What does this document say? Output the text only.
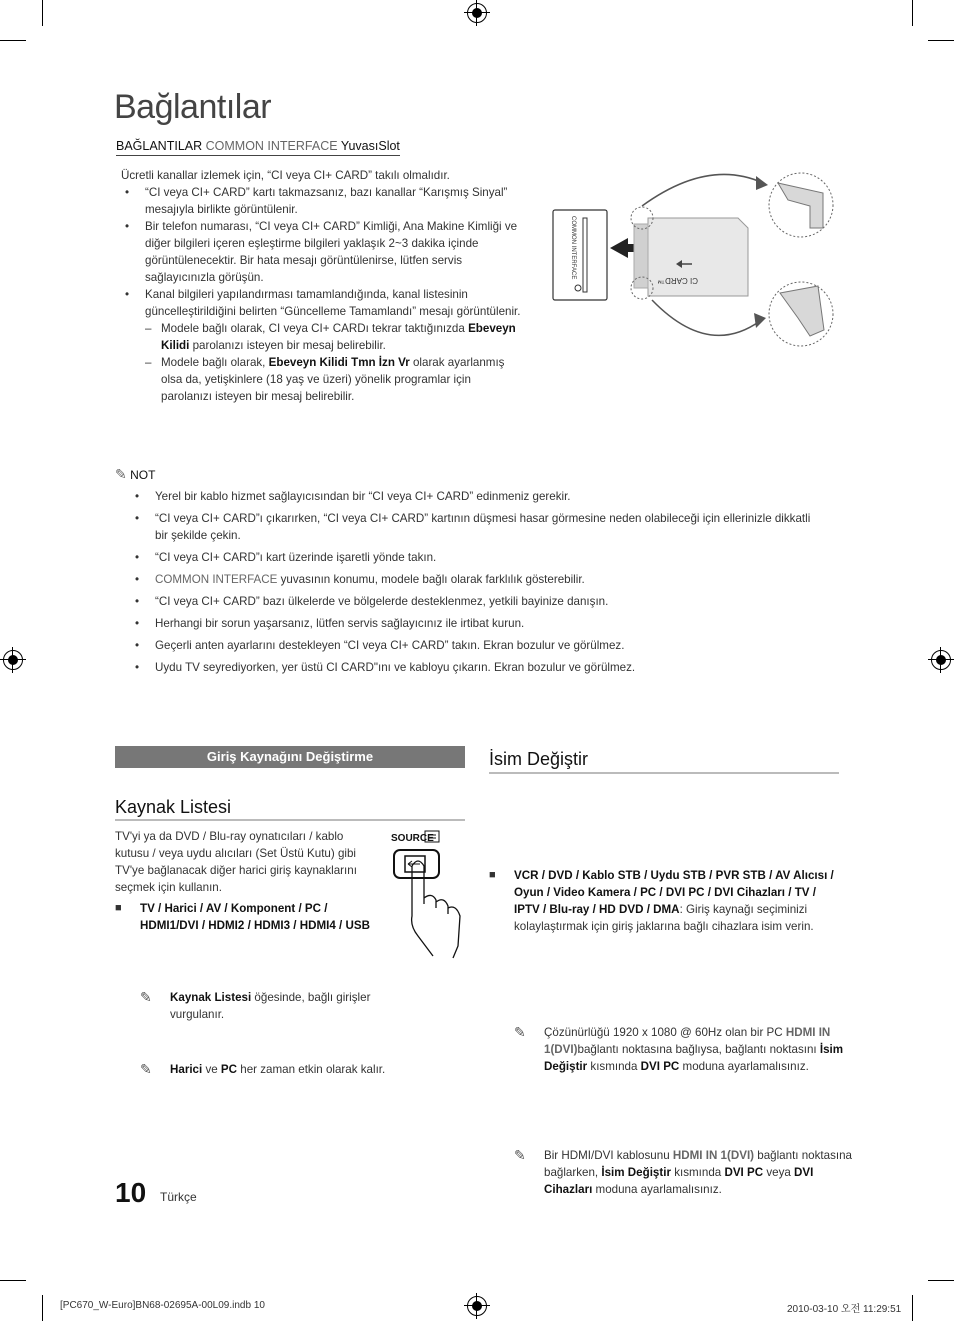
Bağlantılar
BAĞLANTILAR COMMON INTERFACE YuvasıSlot
Ücretli kanallar izlemek için, “CI veya CI+ CARD” takılı olmalıdır.
• “CI veya CI+ CARD” kartı takmazsanız, bazı kanallar “Karışmış Sinyal” mesajıyla birlikte görüntülenir.
• Bir telefon numarası, “CI veya CI+ CARD” Kimliği, Ana Makine Kimliği ve diğer bilgileri içeren eşleştirme bilgileri yaklaşık 2~3 dakika içinde görüntülenecektir. Bir hata mesajı görüntülenirse, lütfen servis sağlayıcınızla görüşün.
• Kanal bilgileri yapılandırması tamamlandığında, kanal listesinin güncelleştirildiğini belirten “Güncelleme Tamamlandı” mesajı görüntülenir.
– Modele bağlı olarak, CI veya CI+ CARDı tekrar taktığınızda Ebeveyn Kilidi parolanızı isteyen bir mesaj belirebilir.
– Modele bağlı olarak, Ebeveyn Kilidi Tmn İzn Vr olarak ayarlanmış olsa da, yetişkinlere (18 yaş ve üzeri) yönelik programlar için parolanızı isteyen bir mesaj belirebilir.
COMMON INTERFACE
CI CARD™
✎ NOT
• Yerel bir kablo hizmet sağlayıcısından bir “CI veya CI+ CARD” edinmeniz gerekir.
• “CI veya CI+ CARD”ı çıkarırken, “CI veya CI+ CARD” kartının düşmesi hasar görmesine neden olabileceği için ellerinizle dikkatli bir şekilde çekin.
• “CI veya CI+ CARD”ı kart üzerinde işaretli yönde takın.
• COMMON INTERFACE yuvasının konumu, modele bağlı olarak farklılık gösterebilir.
• “CI veya CI+ CARD” bazı ülkelerde ve bölgelerde desteklenmez, yetkili bayinize danışın.
• Herhangi bir sorun yaşarsanız, lütfen servis sağlayıcınız ile irtibat kurun.
• Geçerli anten ayarlarını destekleyen “CI veya CI+ CARD” takın. Ekran bozulur ve görülmez.
• Uydu TV seyrediyorken, yer üstü CI CARD"ını ve kabloyu çıkarın. Ekran bozulur ve görülmez.
Giriş Kaynağını Değiştirme
Kaynak Listesi
TV'yi ya da DVD / Blu-ray oynatıcıları / kablo kutusu / veya uydu alıcıları (Set Üstü Kutu) gibi TV'ye bağlanacak diğer harici giriş kaynaklarını seçmek için kullanın.
■ TV / Harici / AV / Komponent / PC / HDMI1/DVI / HDMI2 / HDMI3 / HDMI4 / USB
✎ Kaynak Listesi öğesinde, bağlı girişler vurgulanır.
✎ Harici ve PC her zaman etkin olarak kalır.
SOURCE
İsim Değiştir
■ VCR / DVD / Kablo STB / Uydu STB / PVR STB / AV Alıcısı / Oyun / Video Kamera / PC / DVI PC / DVI Cihazları / TV / IPTV / Blu-ray / HD DVD / DMA: Giriş kaynağı seçiminizi kolaylaştırmak için giriş jaklarına bağlı cihazlara isim verin.
✎ Çözünürlüğü 1920 x 1080 @ 60Hz olan bir PC HDMI IN 1(DVI)bağlantı noktasına bağlıysa, bağlantı noktasını İsim Değiştir kısmında DVI PC moduna ayarlamalısınız.
✎ Bir HDMI/DVI kablosunu HDMI IN 1(DVI) bağlantı noktasına bağlarken, İsim Değiştir kısmında DVI PC veya DVI Cihazları moduna ayarlamalısınız.
10 Türkçe
[PC670_W-Euro]BN68-02695A-00L09.indb 10	2010-03-10 오전 11:29:51
